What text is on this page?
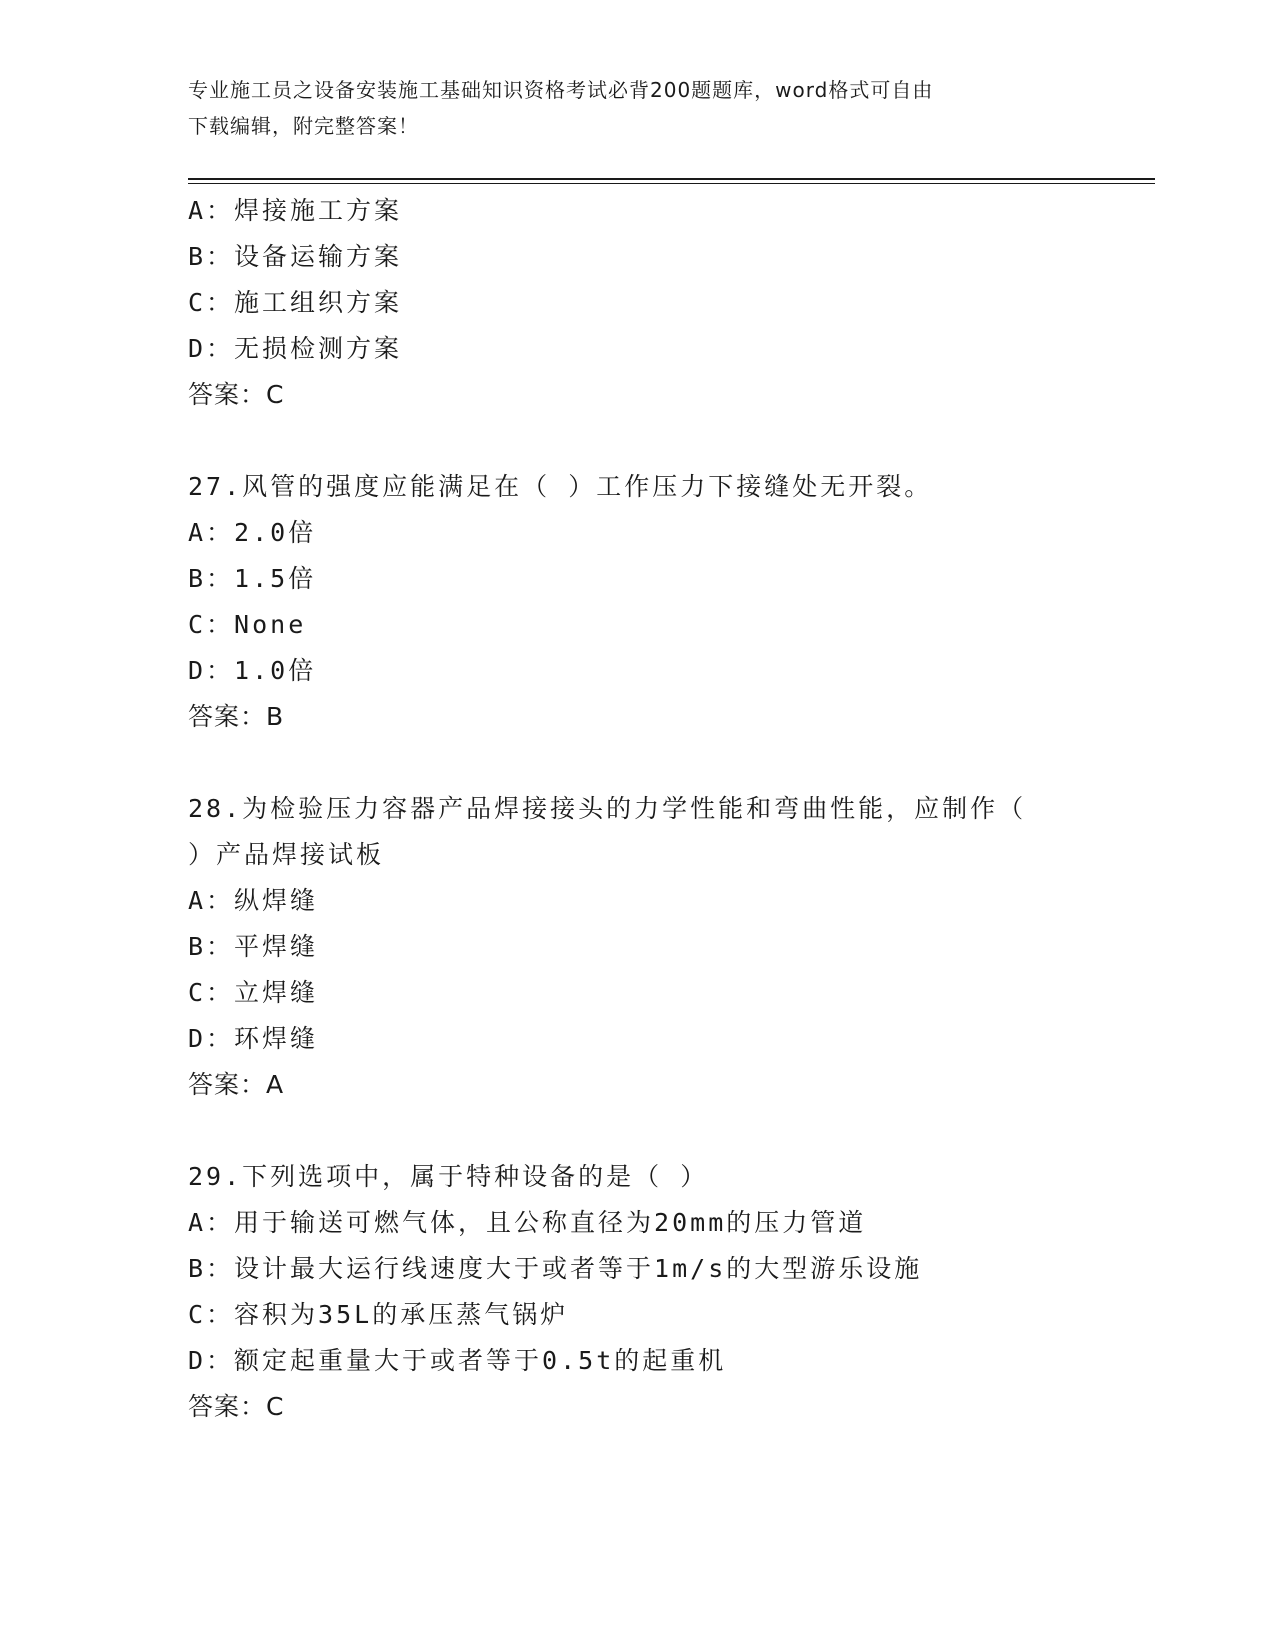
专业施工员之设备安装施工基础知识资格考试必背200题题库，word格式可自由
下载编辑，附完整答案！
A：焊接施工方案
B：设备运输方案
C：施工组织方案
D：无损检测方案
答案：C
27.风管的强度应能满足在（ ）工作压力下接缝处无开裂。
A：2.0倍
B：1.5倍
C：None
D：1.0倍
答案：B
28.为检验压力容器产品焊接接头的力学性能和弯曲性能，应制作（
）产品焊接试板
A：纵焊缝
B：平焊缝
C：立焊缝
D：环焊缝
答案：A
29.下列选项中，属于特种设备的是（ ）
A：用于输送可燃气体，且公称直径为20mm的压力管道
B：设计最大运行线速度大于或者等于1m/s的大型游乐设施
C：容积为35L的承压蒸气锅炉
D：额定起重量大于或者等于0.5t的起重机
答案：C
